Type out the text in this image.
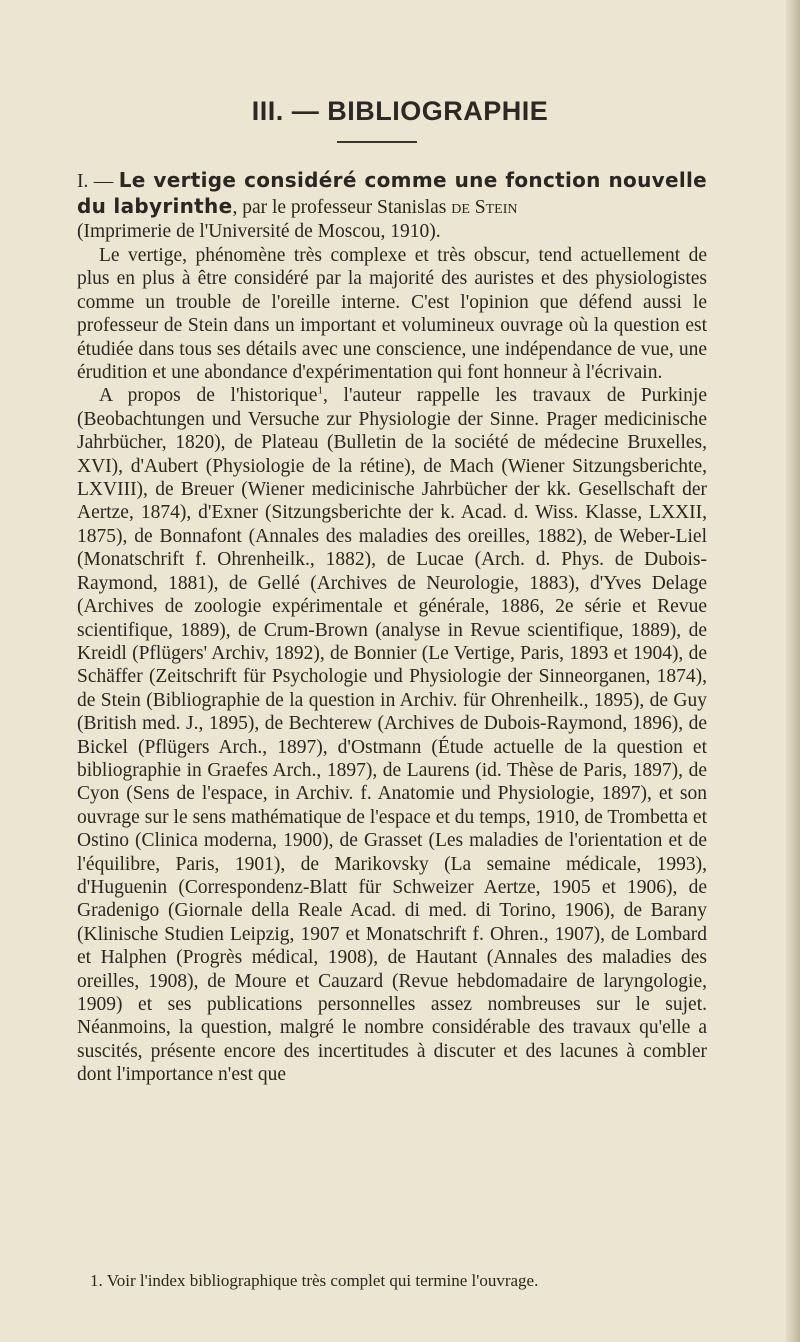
III. — BIBLIOGRAPHIE

I. — Le vertige considéré comme une fonction nouvelle du labyrinthe, par le professeur Stanislas de Stein

(Imprimerie de l'Université de Moscou, 1910).

Le vertige, phénomène très complexe et très obscur, tend actuellement de plus en plus à être considéré par la majorité des auristes et des physiologistes comme un trouble de l'oreille interne. C'est l'opinion que défend aussi le professeur de Stein dans un important et volumineux ouvrage où la question est étudiée dans tous ses détails avec une conscience, une indépendance de vue, une érudition et une abondance d'expérimentation qui font honneur à l'écrivain.

A propos de l'historique$^1$, l'auteur rappelle les travaux de Purkinje (Beobachtungen und Versuche zur Physiologie der Sinne. Prager medicinische Jahrbücher, 1820), de Plateau (Bulletin de la société de médecine Bruxelles, XVI), d'Aubert (Physiologie de la rétine), de Mach (Wiener Sitzungsberichte, LXVIII), de Breuer (Wiener medicinische Jahrbücher der kk. Gesellschaft der Aertze, 1874), d'Exner (Sitzungsberichte der k. Acad. d. Wiss. Klasse, LXXII, 1875), de Bonnafont (Annales des maladies des oreilles, 1882), de Weber-Liel (Monatschrift f. Ohrenheilk., 1882), de Lucae (Arch. d. Phys. de Dubois-Raymond, 1881), de Gellé (Archives de Neurologie, 1883), d'Yves Delage (Archives de zoologie expérimentale et générale, 1886, 2e série et Revue scientifique, 1889), de Crum-Brown (analyse in Revue scientifique, 1889), de Kreidl (Pflügers' Archiv, 1892), de Bonnier (Le Vertige, Paris, 1893 et 1904), de Schäffer (Zeitschrift für Psychologie und Physiologie der Sinneorganen, 1874), de Stein (Bibliographie de la question in Archiv. für Ohrenheilk., 1895), de Guy (British med. J., 1895), de Bechterew (Archives de Dubois-Raymond, 1896), de Bickel (Pflügers Arch., 1897), d'Ostmann (Étude actuelle de la question et bibliographie in Graefes Arch., 1897), de Laurens (id. Thèse de Paris, 1897), de Cyon (Sens de l'espace, in Archiv. f. Anatomie und Physiologie, 1897), et son ouvrage sur le sens mathématique de l'espace et du temps, 1910, de Trombetta et Ostino (Clinica moderna, 1900), de Grasset (Les maladies de l'orientation et de l'équilibre, Paris, 1901), de Marikovsky (La semaine médicale, 1993), d'Huguenin (Correspondenz-Blatt für Schweizer Aertze, 1905 et 1906), de Gradenigo (Giornale della Reale Acad. di med. di Torino, 1906), de Barany (Klinische Studien Leipzig, 1907 et Monatschrift f. Ohren., 1907), de Lombard et Halphen (Progrès médical, 1908), de Hautant (Annales des maladies des oreilles, 1908), de Moure et Cauzard (Revue hebdomadaire de laryngologie, 1909) et ses publications personnelles assez nombreuses sur le sujet. Néanmoins, la question, malgré le nombre considérable des travaux qu'elle a suscités, présente encore des incertitudes à discuter et des lacunes à combler dont l'importance n'est que

1. Voir l'index bibliographique très complet qui termine l'ouvrage.
